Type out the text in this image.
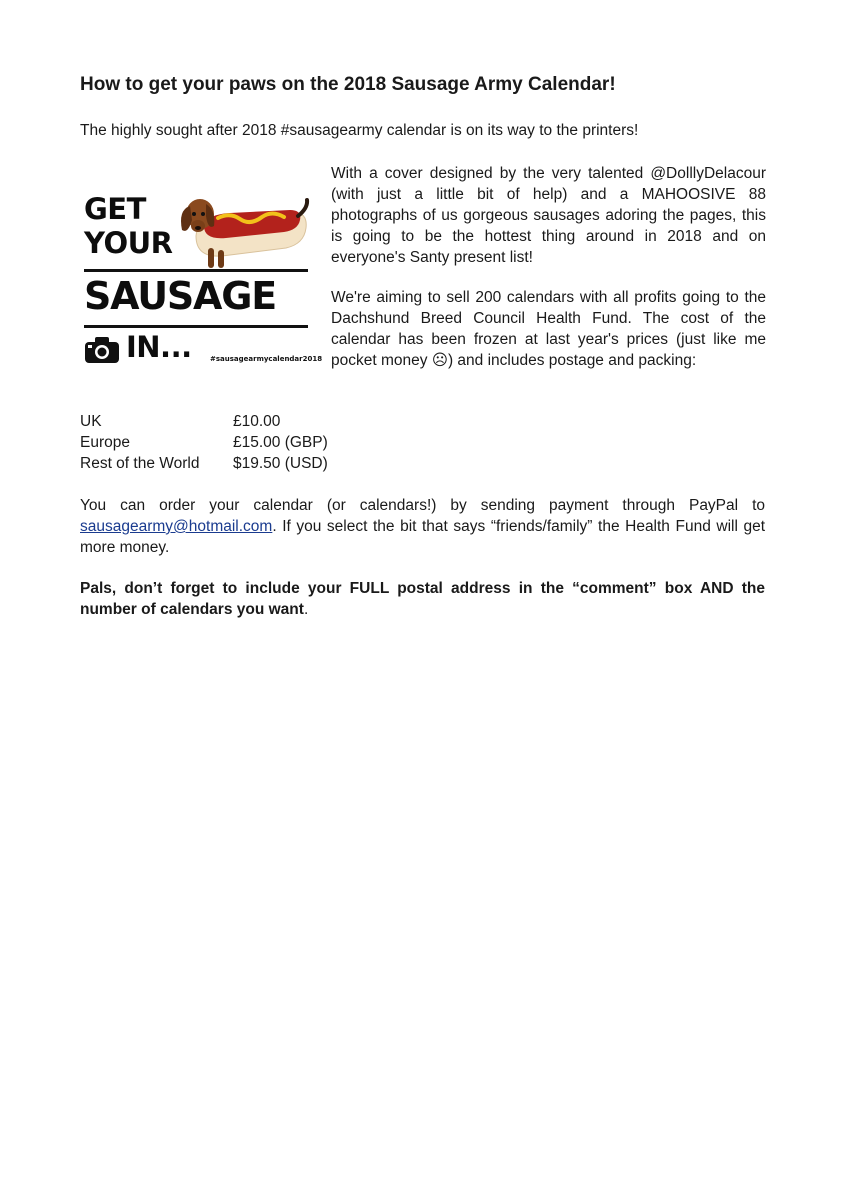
How to get your paws on the 2018 Sausage Army Calendar!

The highly sought after 2018 #sausagearmy calendar is on its way to the printers!

GET
YOUR
SAUSAGE
IN...	#sausagearmycalendar2018

With a cover designed by the very talented @DolllyDelacour (with just a little bit of help) and a MAHOOSIVE 88 photographs of us gorgeous sausages adoring the pages, this is going to be the hottest thing around in 2018 and on everyone's Santy present list!

We're aiming to sell 200 calendars with all profits going to the Dachshund Breed Council Health Fund. The cost of the calendar has been frozen at last year's prices (just like me pocket money ☹) and includes postage and packing:

UK	£10.00
Europe	£15.00 (GBP)
Rest of the World	$19.50 (USD)

You can order your calendar (or calendars!) by sending payment through PayPal to sausagearmy@hotmail.com. If you select the bit that says “friends/family” the Health Fund will get more money.

Pals, don’t forget to include your FULL postal address in the “comment” box AND the number of calendars you want.
